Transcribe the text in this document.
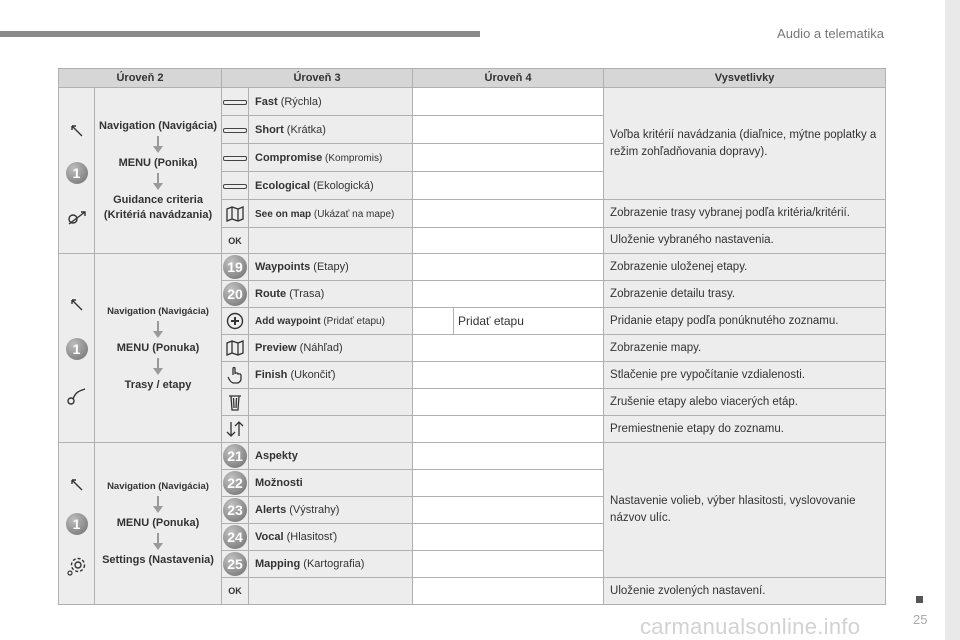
Audio a telematika
Úroveň 2		Úroveň 3		Úroveň 4		Vysvetlivky

1	Navigation (Navigácia)
MENU (Ponika)
Guidance criteria (Kritériá navádzania)		Fast (Rýchla)			Voľba kritérií navádzania (diaľnice, mýtne poplatky a režim zohľadňovania dopravy).
			Short (Krátka)			
			Compromise (Kompromis)			
			Ecological (Ekologická)			

	See on map (Ukázať na mape)			Zobrazenie trasy vybranej podľa kritéria/kritérií.
		OK				Uloženie vybraného nastavenia.

1	Navigation (Navigácia)
MENU (Ponuka)
Trasy / etapy	19	Waypoints (Etapy)			Zobrazenie uloženej etapy.
		20	Route (Trasa)			Zobrazenie detailu trasy.

	Add waypoint (Pridať etapu)		Pridať etapu	Pridanie etapy podľa ponúknutého zoznamu.

	Preview (Náhľad)			Zobrazenie mapy.

	Finish (Ukončiť)			Stlačenie pre vypočítanie vzdialenosti.

			Zrušenie etapy alebo viacerých etáp.

			Premiestnenie etapy do zoznamu.

1	Navigation (Navigácia)
MENU (Ponuka)
Settings (Nastavenia)	21	Aspekty			Nastavenie volieb, výber hlasitosti, vyslovovanie názvov ulíc.
		22	Možnosti			
		23	Alerts (Výstrahy)			
		24	Vocal (Hlasitosť)			
		25	Mapping (Kartografia)			
		OK				Uloženie zvolených nastavení.
25
carmanualsonline.info
